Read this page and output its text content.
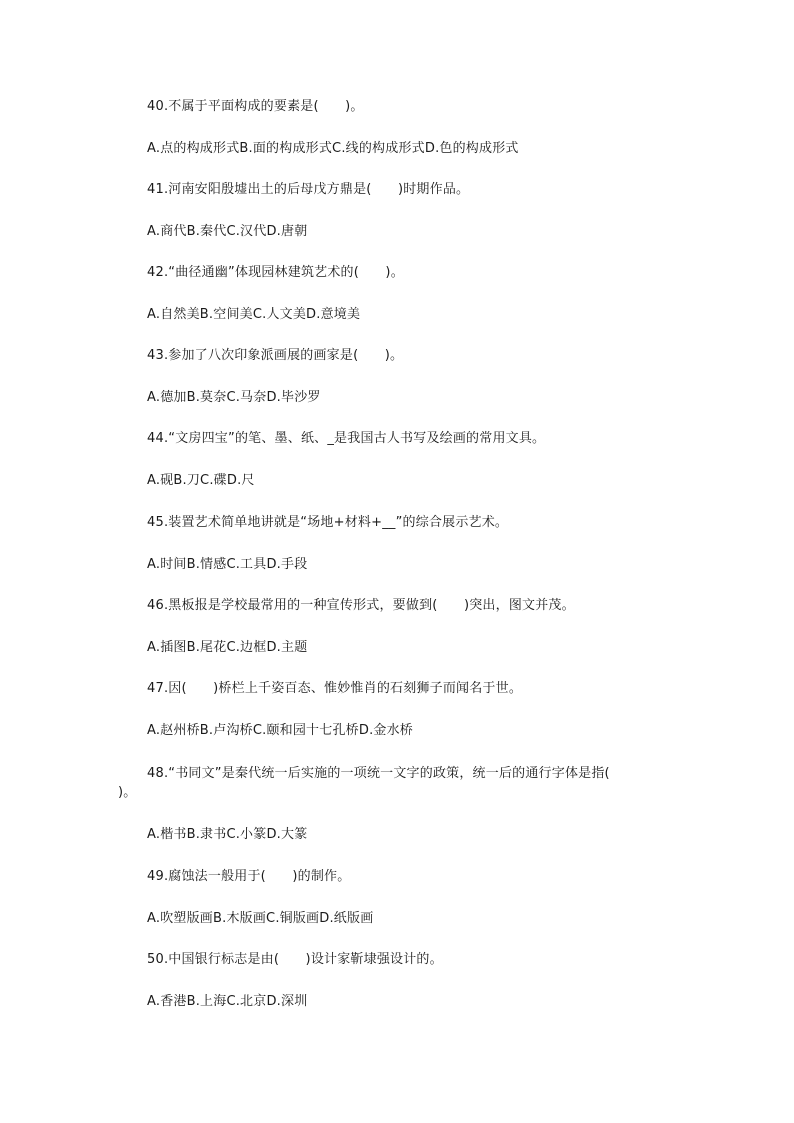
40.不属于平面构成的要素是(　　)。
A.点的构成形式B.面的构成形式C.线的构成形式D.色的构成形式
41.河南安阳殷墟出土的后母戊方鼎是(　　)时期作品。
A.商代B.秦代C.汉代D.唐朝
42.“曲径通幽”体现园林建筑艺术的(　　)。
A.自然美B.空间美C.人文美D.意境美
43.参加了八次印象派画展的画家是(　　)。
A.德加B.莫奈C.马奈D.毕沙罗
44.“文房四宝”的笔、墨、纸、_是我国古人书写及绘画的常用文具。
A.砚B.刀C.碟D.尺
45.装置艺术简单地讲就是“场地+材料+__”的综合展示艺术。
A.时间B.情感C.工具D.手段
46.黑板报是学校最常用的一种宣传形式，要做到(　　)突出，图文并茂。
A.插图B.尾花C.边框D.主题
47.因(　　)桥栏上千姿百态、惟妙惟肖的石刻狮子而闻名于世。
A.赵州桥B.卢沟桥C.颐和园十七孔桥D.金水桥
48.“书同文”是秦代统一后实施的一项统一文字的政策，统一后的通行字体是指(
)。
A.楷书B.隶书C.小篆D.大篆
49.腐蚀法一般用于(　　)的制作。
A.吹塑版画B.木版画C.铜版画D.纸版画
50.中国银行标志是由(　　)设计家靳埭强设计的。
A.香港B.上海C.北京D.深圳
